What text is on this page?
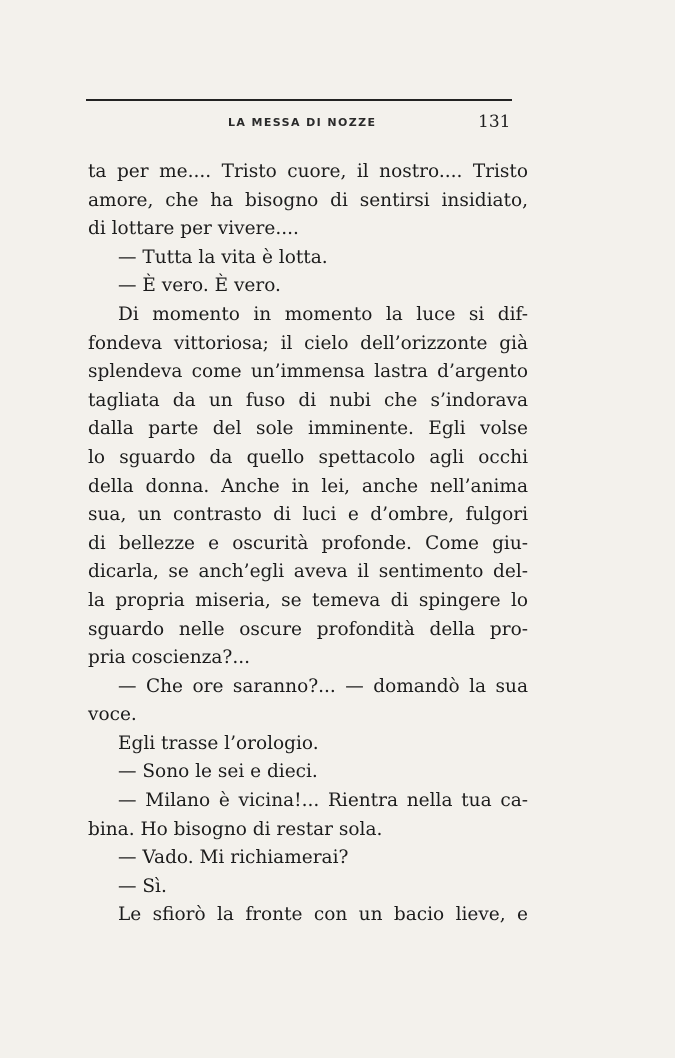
LA MESSA DI NOZZE	131
ta per me.... Tristo cuore, il nostro.... Tristo
amore, che ha bisogno di sentirsi insidiato,
di lottare per vivere....
— Tutta la vita è lotta.
— È vero. È vero.
Di momento in momento la luce si dif-
fondeva vittoriosa; il cielo dell’orizzonte già
splendeva come un’immensa lastra d’argento
tagliata da un fuso di nubi che s’indorava
dalla parte del sole imminente. Egli volse
lo sguardo da quello spettacolo agli occhi
della donna. Anche in lei, anche nell’anima
sua, un contrasto di luci e d’ombre, fulgori
di bellezze e oscurità profonde. Come giu-
dicarla, se anch’egli aveva il sentimento del-
la propria miseria, se temeva di spingere lo
sguardo nelle oscure profondità della pro-
pria coscienza?...
— Che ore saranno?... — domandò la sua
voce.
Egli trasse l’orologio.
— Sono le sei e dieci.
— Milano è vicina!... Rientra nella tua ca-
bina. Ho bisogno di restar sola.
— Vado. Mi richiamerai?
— Sì.
Le sfiorò la fronte con un bacio lieve, e
